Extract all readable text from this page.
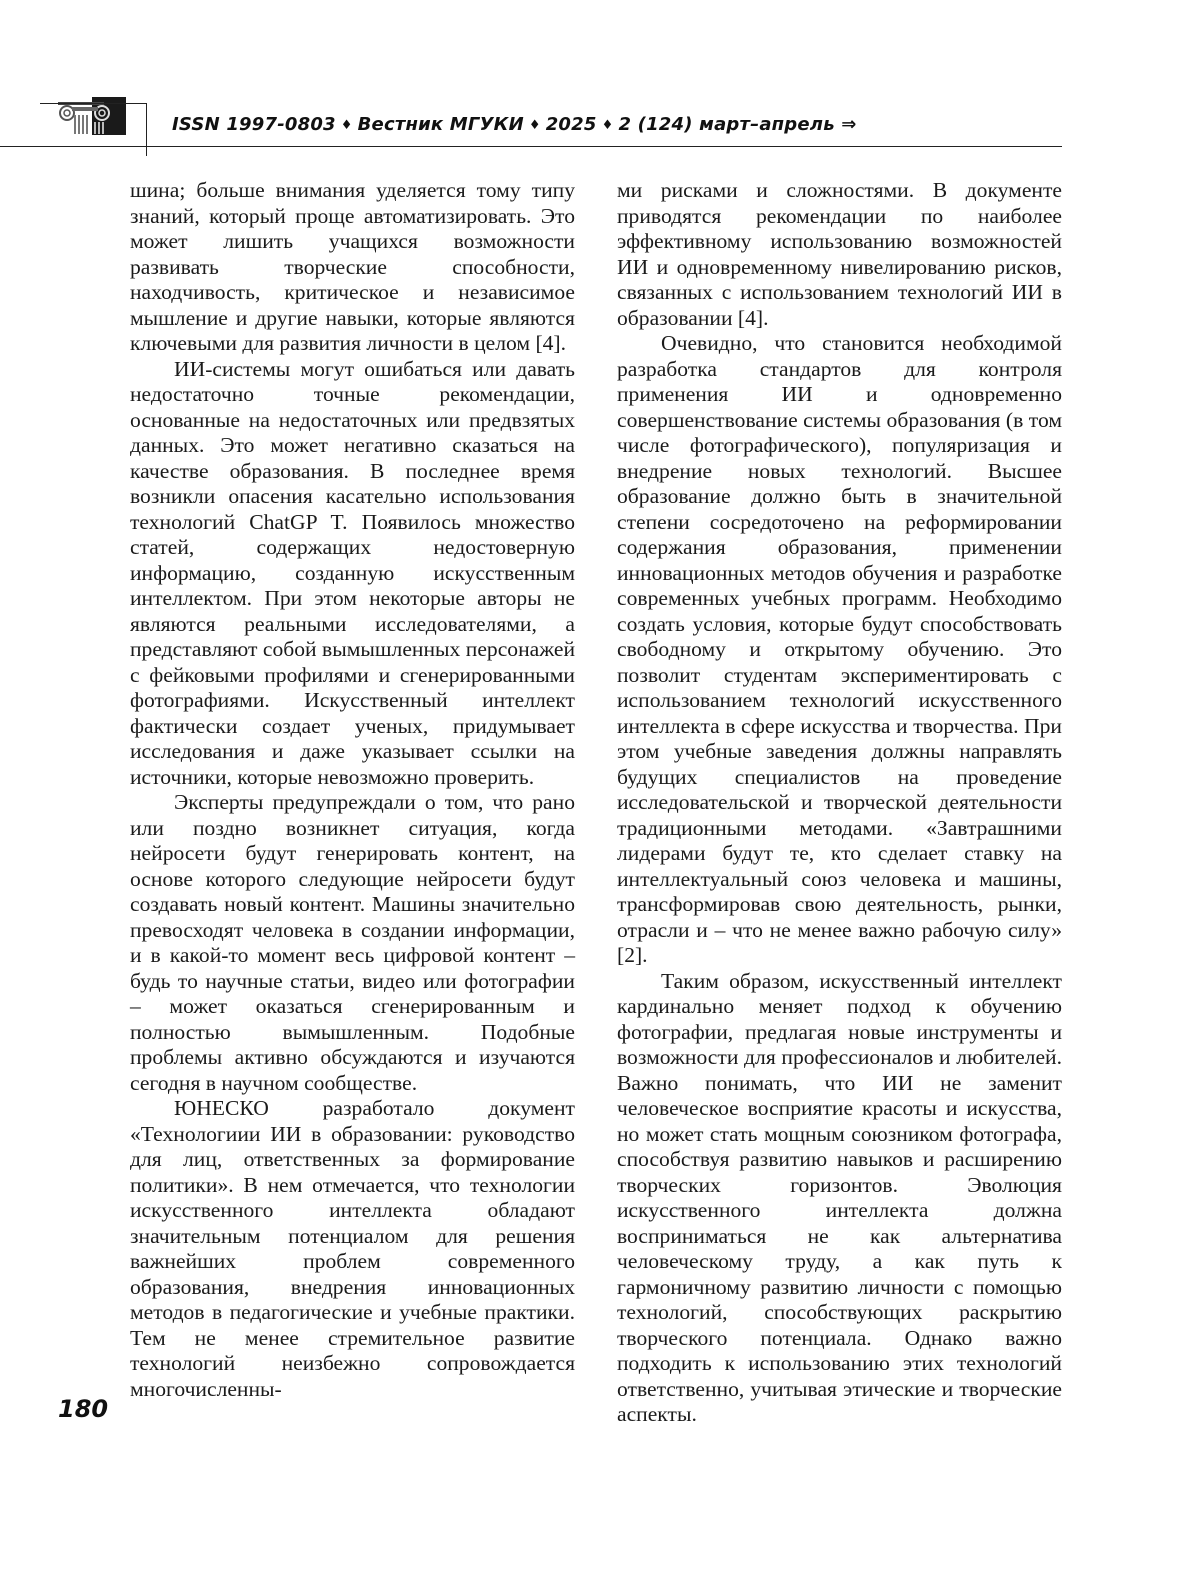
ISSN 1997-0803 ♦ Вестник МГУКИ ♦ 2025 ♦ 2 (124) март–апрель ⇒

шина; больше внимания уделяется тому типу знаний, который проще автоматизировать. Это может лишить учащихся возможности развивать творческие способности, находчивость, критическое и независимое мышление и другие навыки, которые являются ключевыми для развития личности в целом [4].

ИИ-системы могут ошибаться или давать недостаточно точные рекомендации, основанные на недостаточных или предвзятых данных. Это может негативно сказаться на качестве образования. В последнее время возникли опасения касательно использования технологий ChatGP T. Появилось множество статей, содержащих недостоверную информацию, созданную искусственным интеллектом. При этом некоторые авторы не являются реальными исследователями, а представляют собой вымышленных персонажей с фейковыми профилями и сгенерированными фотографиями. Искусственный интеллект фактически создает ученых, придумывает исследования и даже указывает ссылки на источники, которые невозможно проверить.

Эксперты предупреждали о том, что рано или поздно возникнет ситуация, когда нейросети будут генерировать контент, на основе которого следующие нейросети будут создавать новый контент. Машины значительно превосходят человека в создании информации, и в какой-то момент весь цифровой контент – будь то научные статьи, видео или фотографии – может оказаться сгенерированным и полностью вымышленным. Подобные проблемы активно обсуждаются и изучаются сегодня в научном сообществе.

ЮНЕСКО разработало документ «Технологиии ИИ в образовании: руководство для лиц, ответственных за формирование политики». В нем отмечается, что технологии искусственного интеллекта обладают значительным потенциалом для решения важнейших проблем современного образования, внедрения инновационных методов в педагогические и учебные практики. Тем не менее стремительное развитие технологий неизбежно сопровождается многочисленны-

ми рисками и сложностями. В документе приводятся рекомендации по наиболее эффективному использованию возможностей ИИ и одновременному нивелированию рисков, связанных с использованием технологий ИИ в образовании [4].

Очевидно, что становится необходимой разработка стандартов для контроля применения ИИ и одновременно совершенствование системы образования (в том числе фотографического), популяризация и внедрение новых технологий. Высшее образование должно быть в значительной степени сосредоточено на реформировании содержания образования, применении инновационных методов обучения и разработке современных учебных программ. Необходимо создать условия, которые будут способствовать свободному и открытому обучению. Это позволит студентам экспериментировать с использованием технологий искусственного интеллекта в сфере искусства и творчества. При этом учебные заведения должны направлять будущих специалистов на проведение исследовательской и творческой деятельности традиционными методами. «Завтрашними лидерами будут те, кто сделает ставку на интеллектуальный союз человека и машины, трансформировав свою деятельность, рынки, отрасли и – что не менее важно рабочую силу» [2].

Таким образом, искусственный интеллект кардинально меняет подход к обучению фотографии, предлагая новые инструменты и возможности для профессионалов и любителей. Важно понимать, что ИИ не заменит человеческое восприятие красоты и искусства, но может стать мощным союзником фотографа, способствуя развитию навыков и расширению творческих горизонтов. Эволюция искусственного интеллекта должна восприниматься не как альтернатива человеческому труду, а как путь к гармоничному развитию личности с помощью технологий, способствующих раскрытию творческого потенциала. Однако важно подходить к использованию этих технологий ответственно, учитывая этические и творческие аспекты.

180
